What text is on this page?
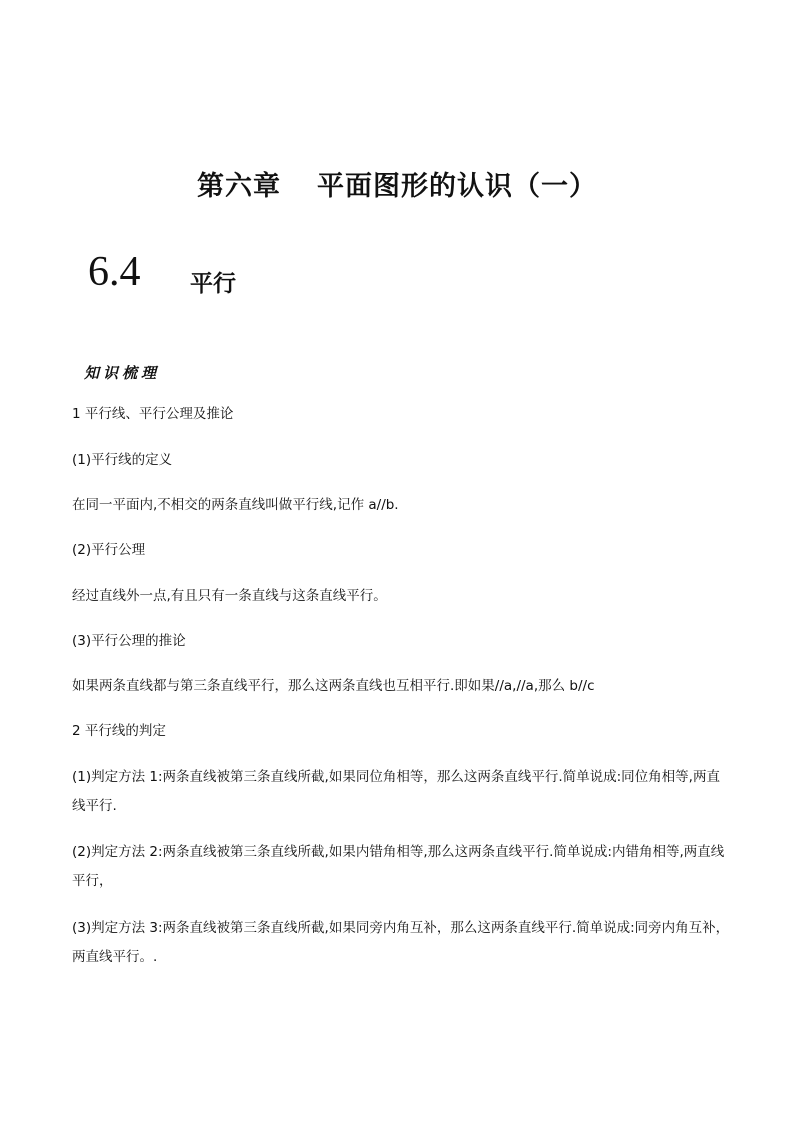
第六章 平面图形的认识（一）
6.4 平行
知识梳理
1 平行线、平行公理及推论
(1)平行线的定义
在同一平面内,不相交的两条直线叫做平行线,记作 a//b.
(2)平行公理
经过直线外一点,有且只有一条直线与这条直线平行。
(3)平行公理的推论
如果两条直线都与第三条直线平行，那么这两条直线也互相平行.即如果//a,//a,那么 b//c
2 平行线的判定
(1)判定方法 1:两条直线被第三条直线所截,如果同位角相等，那么这两条直线平行.简单说成:同位角相等,两直线平行.
(2)判定方法 2:两条直线被第三条直线所截,如果内错角相等,那么这两条直线平行.简单说成:内错角相等,两直线平行，
(3)判定方法 3:两条直线被第三条直线所截,如果同旁内角互补，那么这两条直线平行.简单说成:同旁内角互补，两直线平行。.
